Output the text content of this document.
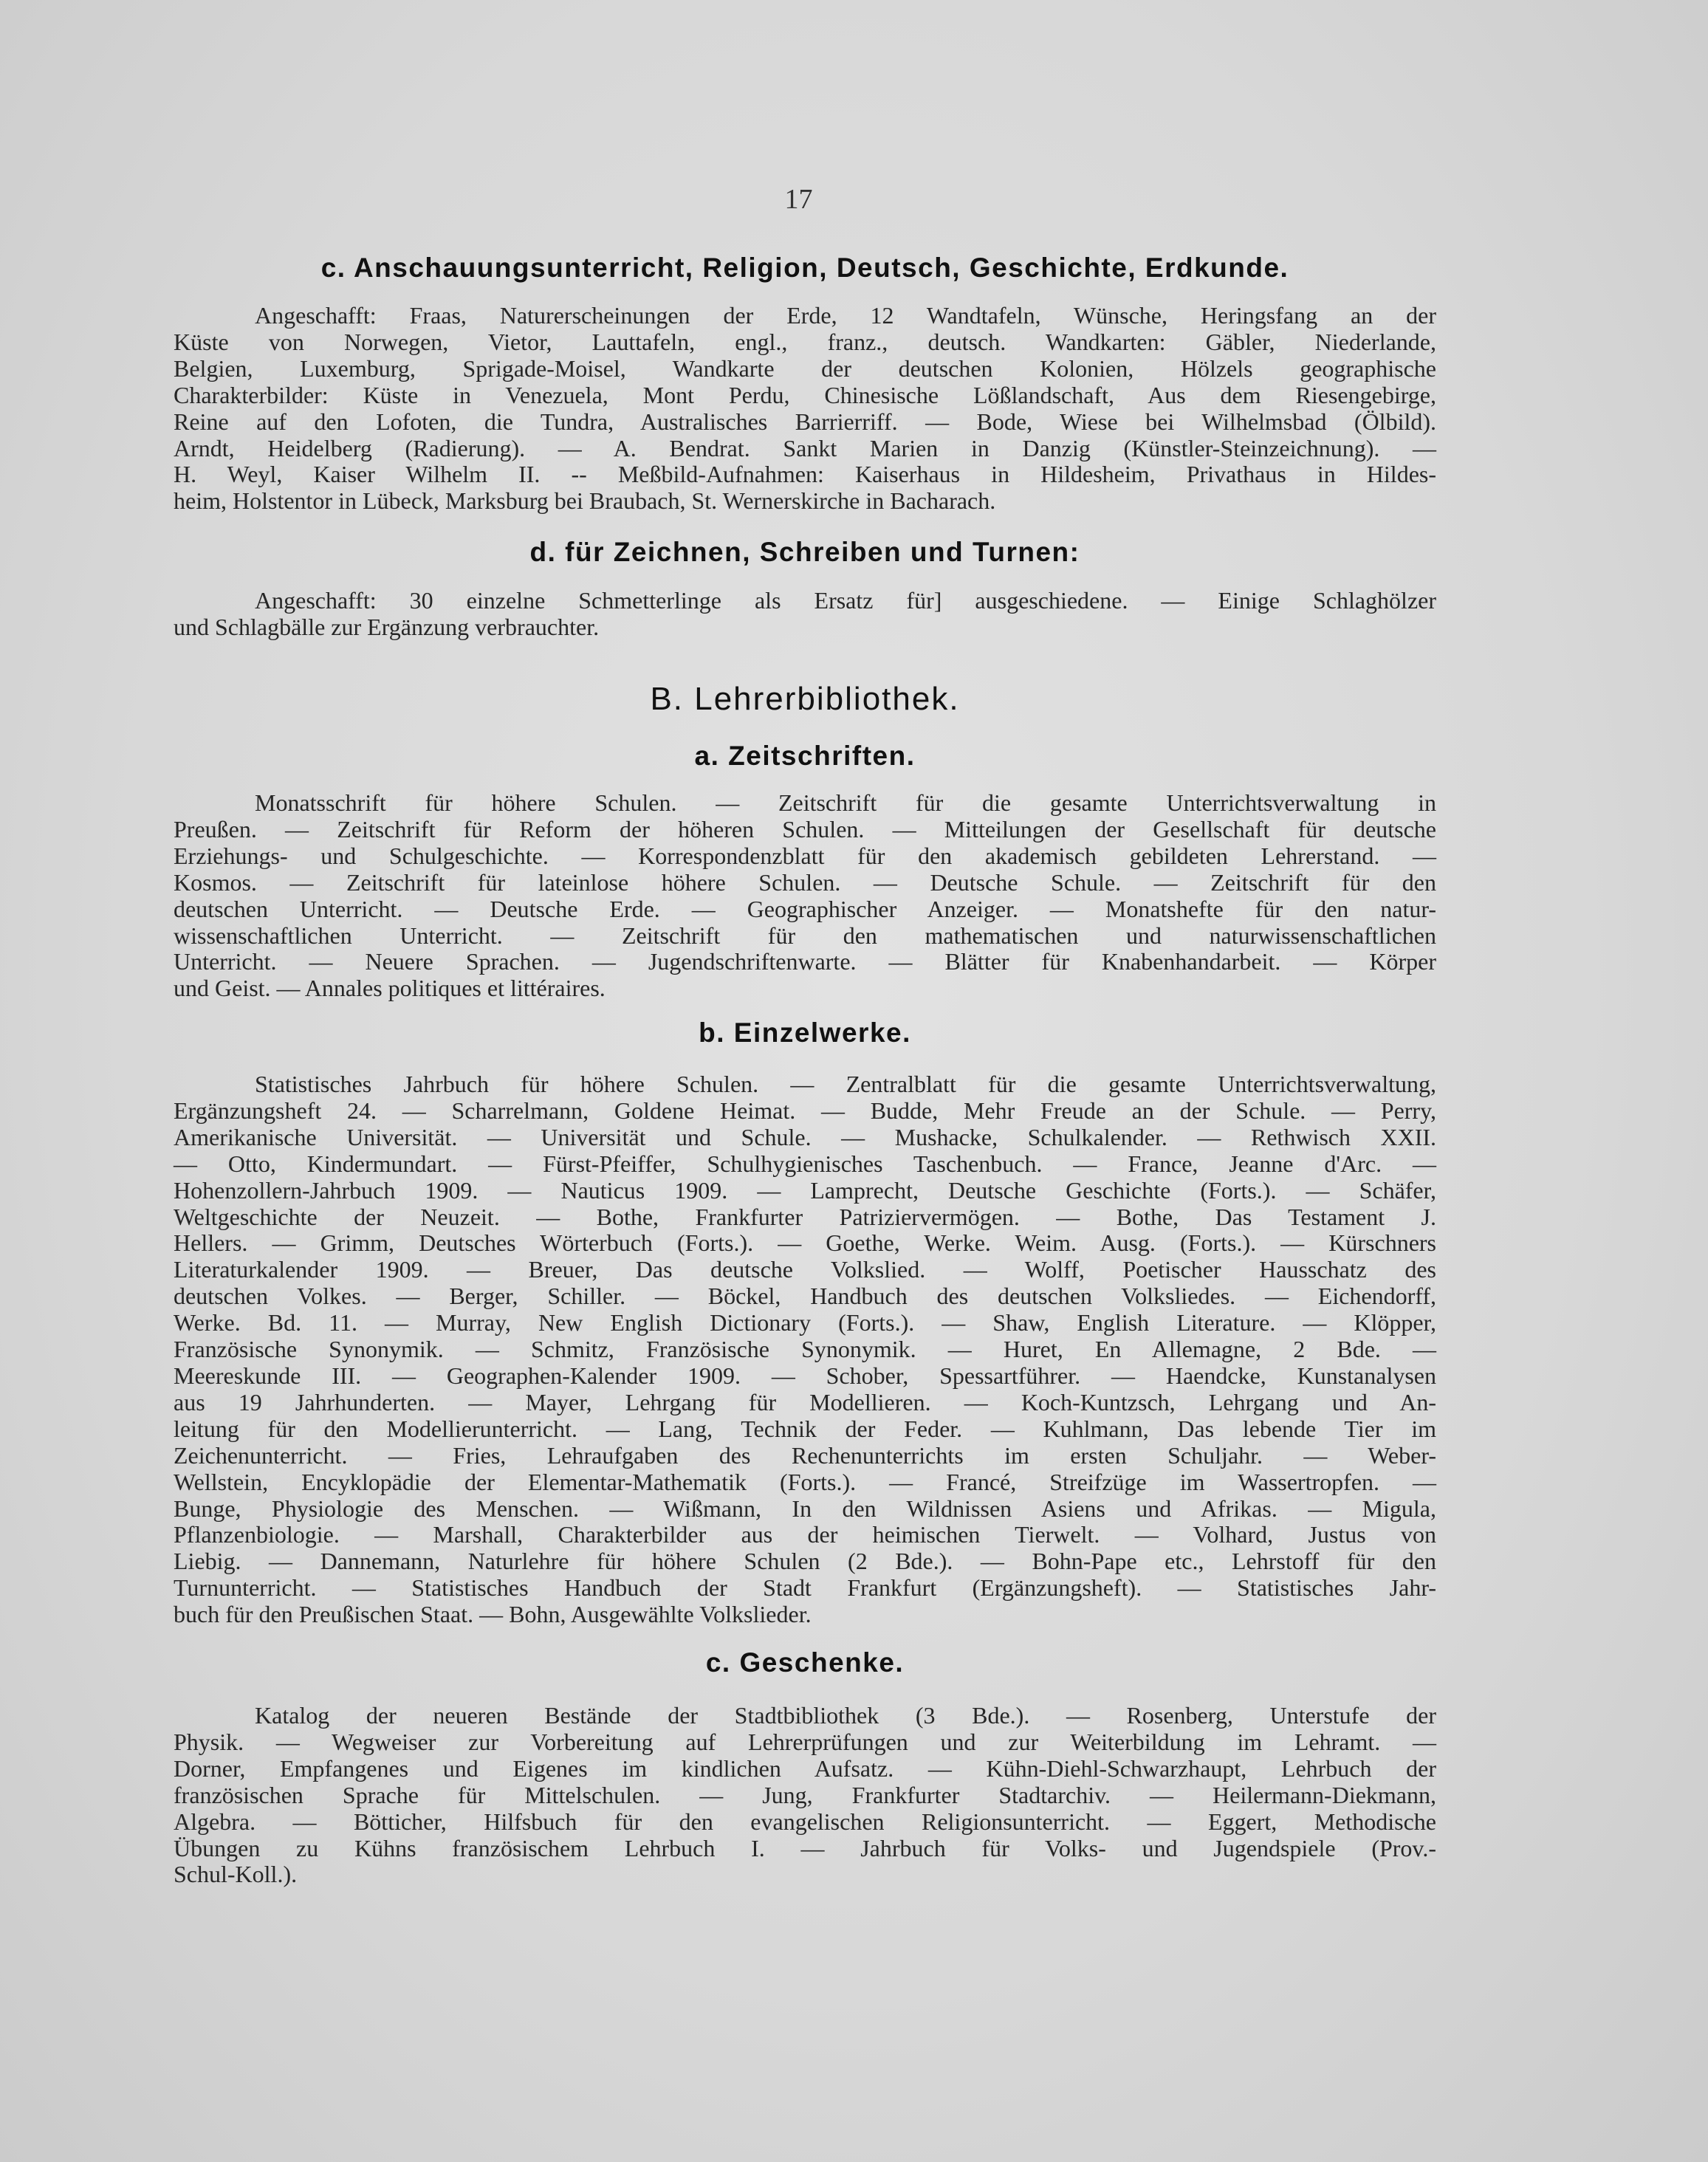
17
c. Anschauungsunterricht, Religion, Deutsch, Geschichte, Erdkunde.
Angeschafft: Fraas, Naturerscheinungen der Erde, 12 Wandtafeln, Wünsche, Heringsfang an der
Küste von Norwegen, Vietor, Lauttafeln, engl., franz., deutsch. Wandkarten: Gäbler, Niederlande,
Belgien, Luxemburg, Sprigade-Moisel, Wandkarte der deutschen Kolonien, Hölzels geographische
Charakterbilder: Küste in Venezuela, Mont Perdu, Chinesische Lößlandschaft, Aus dem Riesengebirge,
Reine auf den Lofoten, die Tundra, Australisches Barrierriff. — Bode, Wiese bei Wilhelmsbad (Ölbild).
Arndt, Heidelberg (Radierung). — A. Bendrat. Sankt Marien in Danzig (Künstler-Steinzeichnung). —
H. Weyl, Kaiser Wilhelm II. -- Meßbild-Aufnahmen: Kaiserhaus in Hildesheim, Privathaus in Hildes-
heim, Holstentor in Lübeck, Marksburg bei Braubach, St. Wernerskirche in Bacharach.
d. für Zeichnen, Schreiben und Turnen:
Angeschafft: 30 einzelne Schmetterlinge als Ersatz für] ausgeschiedene. — Einige Schlaghölzer
und Schlagbälle zur Ergänzung verbrauchter.
B. Lehrerbibliothek.
a. Zeitschriften.
Monatsschrift für höhere Schulen. — Zeitschrift für die gesamte Unterrichtsverwaltung in
Preußen. — Zeitschrift für Reform der höheren Schulen. — Mitteilungen der Gesellschaft für deutsche
Erziehungs- und Schulgeschichte. — Korrespondenzblatt für den akademisch gebildeten Lehrerstand. —
Kosmos. — Zeitschrift für lateinlose höhere Schulen. — Deutsche Schule. — Zeitschrift für den
deutschen Unterricht. — Deutsche Erde. — Geographischer Anzeiger. — Monatshefte für den natur-
wissenschaftlichen Unterricht. — Zeitschrift für den mathematischen und naturwissenschaftlichen
Unterricht. — Neuere Sprachen. — Jugendschriftenwarte. — Blätter für Knabenhandarbeit. — Körper
und Geist. — Annales politiques et littéraires.
b. Einzelwerke.
Statistisches Jahrbuch für höhere Schulen. — Zentralblatt für die gesamte Unterrichtsverwaltung,
Ergänzungsheft 24. — Scharrelmann, Goldene Heimat. — Budde, Mehr Freude an der Schule. — Perry,
Amerikanische Universität. — Universität und Schule. — Mushacke, Schulkalender. — Rethwisch XXII.
— Otto, Kindermundart. — Fürst-Pfeiffer, Schulhygienisches Taschenbuch. — France, Jeanne d'Arc. —
Hohenzollern-Jahrbuch 1909. — Nauticus 1909. — Lamprecht, Deutsche Geschichte (Forts.). — Schäfer,
Weltgeschichte der Neuzeit. — Bothe, Frankfurter Patriziervermögen. — Bothe, Das Testament J.
Hellers. — Grimm, Deutsches Wörterbuch (Forts.). — Goethe, Werke. Weim. Ausg. (Forts.). — Kürschners
Literaturkalender 1909. — Breuer, Das deutsche Volkslied. — Wolff, Poetischer Hausschatz des
deutschen Volkes. — Berger, Schiller. — Böckel, Handbuch des deutschen Volksliedes. — Eichendorff,
Werke. Bd. 11. — Murray, New English Dictionary (Forts.). — Shaw, English Literature. — Klöpper,
Französische Synonymik. — Schmitz, Französische Synonymik. — Huret, En Allemagne, 2 Bde. —
Meereskunde III. — Geographen-Kalender 1909. — Schober, Spessartführer. — Haendcke, Kunstanalysen
aus 19 Jahrhunderten. — Mayer, Lehrgang für Modellieren. — Koch-Kuntzsch, Lehrgang und An-
leitung für den Modellierunterricht. — Lang, Technik der Feder. — Kuhlmann, Das lebende Tier im
Zeichenunterricht. — Fries, Lehraufgaben des Rechenunterrichts im ersten Schuljahr. — Weber-
Wellstein, Encyklopädie der Elementar-Mathematik (Forts.). — Francé, Streifzüge im Wassertropfen. —
Bunge, Physiologie des Menschen. — Wißmann, In den Wildnissen Asiens und Afrikas. — Migula,
Pflanzenbiologie. — Marshall, Charakterbilder aus der heimischen Tierwelt. — Volhard, Justus von
Liebig. — Dannemann, Naturlehre für höhere Schulen (2 Bde.). — Bohn-Pape etc., Lehrstoff für den
Turnunterricht. — Statistisches Handbuch der Stadt Frankfurt (Ergänzungsheft). — Statistisches Jahr-
buch für den Preußischen Staat. — Bohn, Ausgewählte Volkslieder.
c. Geschenke.
Katalog der neueren Bestände der Stadtbibliothek (3 Bde.). — Rosenberg, Unterstufe der
Physik. — Wegweiser zur Vorbereitung auf Lehrerprüfungen und zur Weiterbildung im Lehramt. —
Dorner, Empfangenes und Eigenes im kindlichen Aufsatz. — Kühn-Diehl-Schwarzhaupt, Lehrbuch der
französischen Sprache für Mittelschulen. — Jung, Frankfurter Stadtarchiv. — Heilermann-Diekmann,
Algebra. — Bötticher, Hilfsbuch für den evangelischen Religionsunterricht. — Eggert, Methodische
Übungen zu Kühns französischem Lehrbuch I. — Jahrbuch für Volks- und Jugendspiele (Prov.-
Schul-Koll.).
